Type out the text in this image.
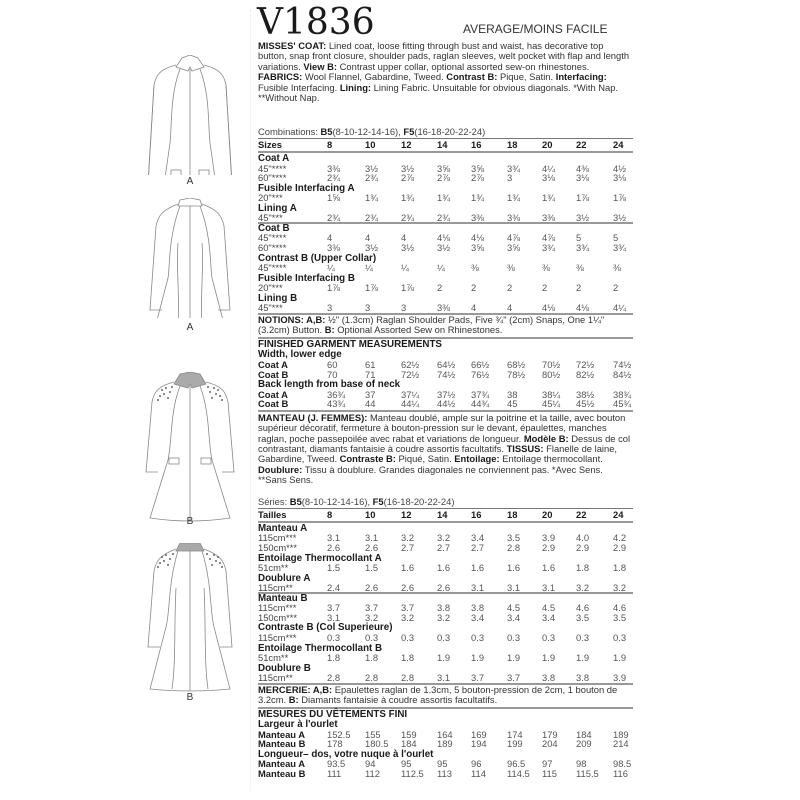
A
A
B
B
V1836	AVERAGE/MOINS FACILE
MISSES' COAT: Lined coat, loose fitting through bust and waist, has decorative top button, snap front closure, shoulder pads, raglan sleeves, welt pocket with flap and length variations. View B: Contrast upper collar, optional assorted sew-on rhinestones. FABRICS: Wool Flannel, Gabardine, Tweed. Contrast B: Pique, Satin. Interfacing: Fusible Interfacing. Lining: Lining Fabric. Unsuitable for obvious diagonals. *With Nap. **Without Nap.
Combinations: B5(8-10-12-14-16), F5(16-18-20-22-24)
Sizes	8	10	12	14	16	18	20	22	24
Coat A
45"****	3⅜	3½ 3½ 3⅝ 3⅝ 3¾ 4¼ 4⅜	4½
60"****	2¾	2¾ 2⅞ 2⅞ 2⅞ 3	3⅛ 3⅛	3⅛
Fusible Interfacing A
20"***	1⅝	1¾ 1¾ 1¾ 1¾ 1¾ 1¾ 1⅞	1⅞
Lining A
45"***	2¾	2¾ 2¾ 2¾ 3⅜ 3⅜ 3⅜ 3½	3½
Coat B
45"****	4	4	4	4⅛ 4⅛ 4⅞ 4⅞ 5	5
60"****	3⅜	3½ 3½ 3½ 3⅝ 3⅝ 3¾ 3¾	3¾
Contrast B (Upper Collar)
45"****	¼	¼	¼	¼	⅜	⅜	⅜	⅜	⅜
Fusible Interfacing B
20"***	1⅞	1⅞ 1⅞ 2	2	2	2	2	2
Lining B
45"***	3	3	3	3⅜ 4	4	4⅛ 4⅛	4¼
NOTIONS: A,B: ½" (1.3cm) Raglan Shoulder Pads, Five ¾" (2cm) Snaps, One 1¼" (3.2cm) Button. B: Optional Assorted Sew on Rhinestones.
FINISHED GARMENT MEASUREMENTS
Width, lower edge
Coat A	60	61	62½ 64½ 66½ 68½ 70½ 72½ 74½
Coat B	70	71	72½ 74½ 76½ 78½ 80½ 82½ 84½
Back length from base of neck
Coat A	36¾ 37	37¼ 37½ 37¾ 38	38¼ 38½ 38¾
Coat B	43¾ 44	44¼ 44½ 44¾ 45	45¼ 45½ 45¾
MANTEAU (J. FEMMES): Manteau doublé, ample sur la poitrine et la taille, avec bouton supérieur décoratif, fermeture à bouton-pression sur le devant, épaulettes, manches raglan, poche passepoilée avec rabat et variations de longueur. Modèle B: Dessus de col contrastant, diamants fantaisie à coudre assortis facultatifs. TISSUS: Flanelle de laine, Gabardine, Tweed. Contraste B: Piqué, Satin. Entoilage: Entoilage thermocollant. Doublure: Tissu à doublure. Grandes diagonales ne conviennent pas. *Avec Sens. **Sans Sens.
Séries: B5(8-10-12-14-16), F5(16-18-20-22-24)
Tailles	8	10	12	14	16	18	20	22	24
Manteau A
115cm***	3.1	3.1 3.2 3.2 3.4 3.5 3.9 4.0	4.2
150cm***	2.6	2.6 2.7 2.7 2.7 2.8 2.9 2.9	2.9
Entoilage Thermocollant A
51cm**	1.5	1.5 1.6 1.6 1.6 1.6 1.6 1.8	1.8
Doublure A
115cm**	2.4	2.6 2.6 2.6 3.1 3.1 3.1 3.2	3.2
Manteau B
115cm***	3.7	3.7 3.7 3.8 3.8 4.5 4.5 4.6	4.6
150cm***	3.1	3.2 3.2 3.2 3.4 3.4 3.4 3.5	3.5
Contraste B (Col Superieure)
115cm***	0.3	0.3 0.3 0.3 0.3 0.3 0.3 0.3	0.3
Entoilage Thermocollant B
51cm**	1.8	1.8 1.8 1.9 1.9 1.9 1.9 1.9	1.9
Doublure B
115cm**	2.8	2.8 2.8 3.1 3.7 3.7 3.8 3.8	3.9
MERCERIE: A,B: Epaulettes raglan de 1.3cm, 5 bouton-pression de 2cm, 1 bouton de 3.2cm. B: Diamants fantaisie à coudre assortis facultatifs.
MESURES DU VÊTEMENTS FINI
Largeur à l'ourlet
Manteau A 152.5 155 159 164 169 174 179 184 189
Manteau B 178 180.5 184 189 194 199 204 209 214
Longueur– dos, votre nuque à l'ourlet
Manteau A 93.5 94	95	95	96	96.5 97	98	98.5
Manteau B 111	112 112.5 113 114 114.5 115 115.5 116
